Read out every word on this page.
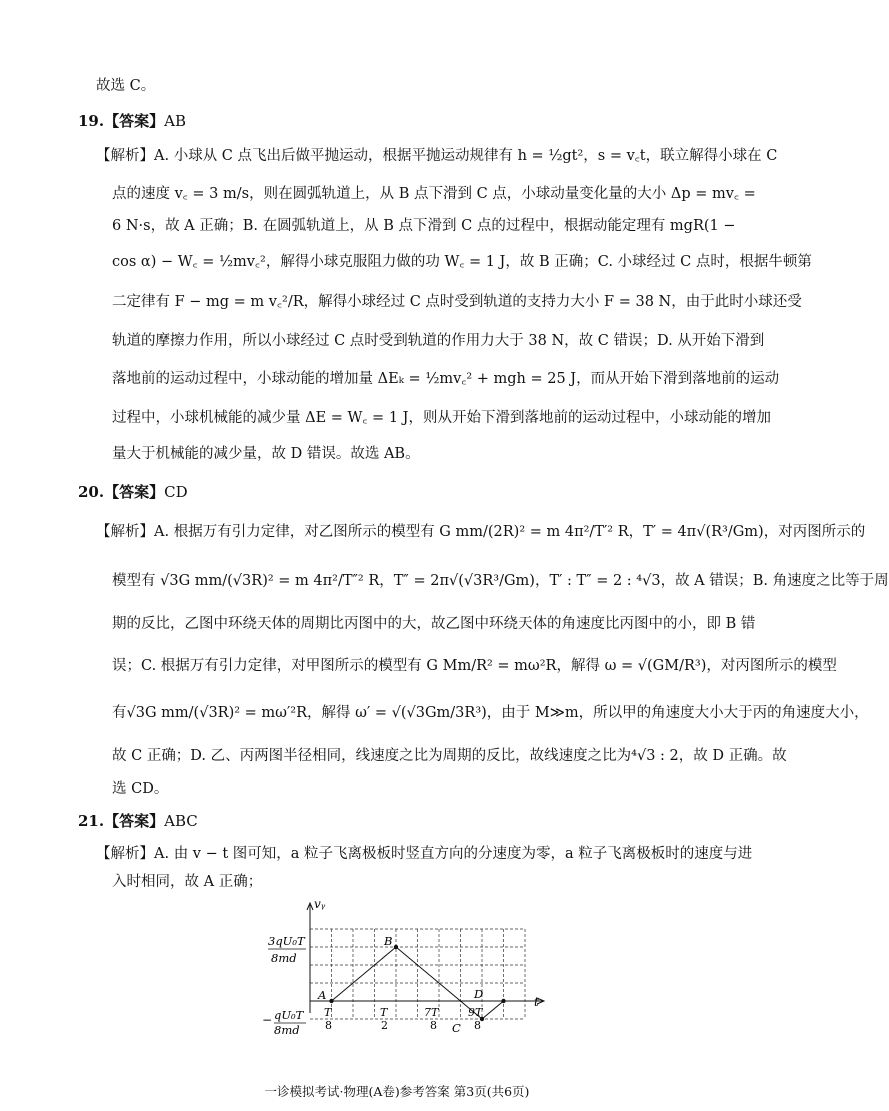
故选 C。
19.【答案】AB
【解析】A. 小球从 C 点飞出后做平抛运动，根据平抛运动规律有 h = ½gt²，s = v꜀t，联立解得小球在 C
点的速度 v꜀ = 3 m/s，则在圆弧轨道上，从 B 点下滑到 C 点，小球动量变化量的大小 Δp = mv꜀ =
6 N·s，故 A 正确；B. 在圆弧轨道上，从 B 点下滑到 C 点的过程中，根据动能定理有 mgR(1 −
cos α) − W꜀ = ½mv꜀²，解得小球克服阻力做的功 W꜀ = 1 J，故 B 正确；C. 小球经过 C 点时，根据牛顿第
二定律有 F − mg = m v꜀²/R，解得小球经过 C 点时受到轨道的支持力大小 F = 38 N，由于此时小球还受
轨道的摩擦力作用，所以小球经过 C 点时受到轨道的作用力大于 38 N，故 C 错误；D. 从开始下滑到
落地前的运动过程中，小球动能的增加量 ΔEₖ = ½mv꜀² + mgh = 25 J，而从开始下滑到落地前的运动
过程中，小球机械能的减少量 ΔE = W꜀ = 1 J，则从开始下滑到落地前的运动过程中，小球动能的增加
量大于机械能的减少量，故 D 错误。故选 AB。
20.【答案】CD
【解析】A. 根据万有引力定律，对乙图所示的模型有 G mm/(2R)² = m 4π²/T′² R，T′ = 4π√(R³/Gm)，对丙图所示的
模型有 √3G mm/(√3R)² = m 4π²/T″² R，T″ = 2π√(√3R³/Gm)，T′ : T″ = 2 : ⁴√3，故 A 错误；B. 角速度之比等于周
期的反比，乙图中环绕天体的周期比丙图中的大，故乙图中环绕天体的角速度比丙图中的小，即 B 错
误；C. 根据万有引力定律，对甲图所示的模型有 G Mm/R² = mω²R，解得 ω = √(GM/R³)，对丙图所示的模型
有√3G mm/(√3R)² = mω′²R，解得 ω′ = √(√3Gm/3R³)，由于 M≫m，所以甲的角速度大小大于丙的角速度大小，
故 C 正确；D. 乙、丙两图半径相同，线速度之比为周期的反比，故线速度之比为⁴√3 : 2，故 D 正确。故
选 CD。
21.【答案】ABC
【解析】A. 由 v − t 图可知，a 粒子飞离极板时竖直方向的分速度为零，a 粒子飞离极板时的速度与进
入时相同，故 A 正确；
vᵧ
t
3qU₀T
8md
− qU₀T
8md
T
8
T
2
7T
8
9T
8
A
B
C
D
一诊模拟考试·物理(A卷)参考答案 第3页(共6页)
